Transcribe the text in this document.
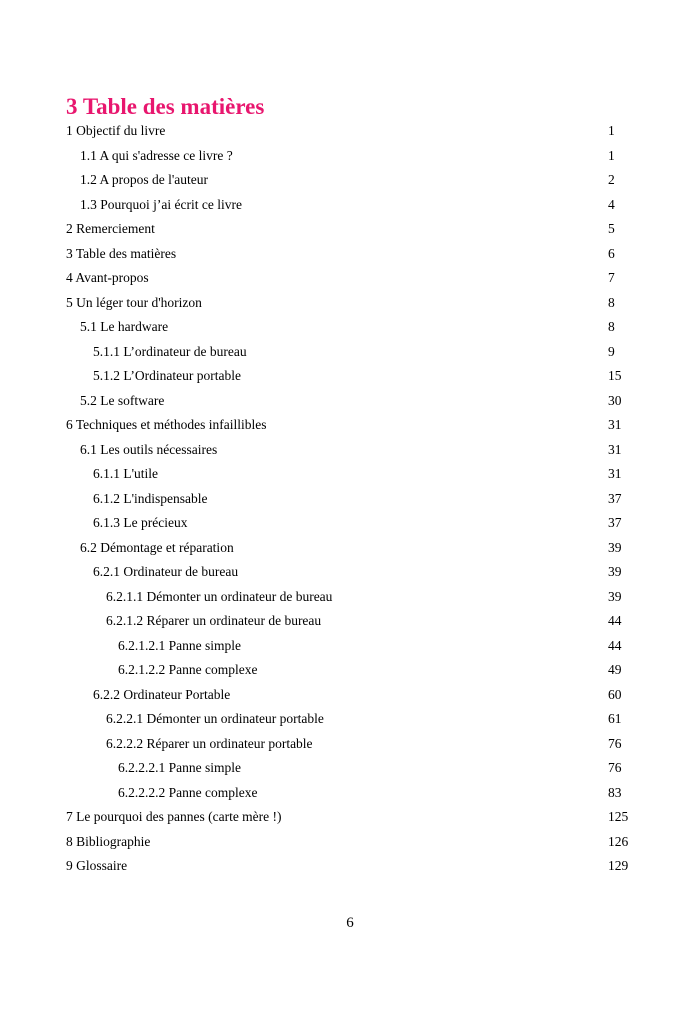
3 Table des matières
1 Objectif du livre	1
1.1 A qui s'adresse ce livre ?	1
1.2 A propos de l'auteur	2
1.3 Pourquoi j’ai écrit ce livre	4
2 Remerciement	5
3 Table des matières	6
4 Avant-propos	7
5 Un léger tour d'horizon	8
5.1 Le hardware	8
5.1.1 L’ordinateur de bureau	9
5.1.2 L’Ordinateur portable	15
5.2 Le software	30
6 Techniques et méthodes infaillibles	31
6.1 Les outils nécessaires	31
6.1.1 L'utile	31
6.1.2 L'indispensable	37
6.1.3 Le précieux	37
6.2 Démontage et réparation	39
6.2.1 Ordinateur de bureau	39
6.2.1.1 Démonter un ordinateur de bureau	39
6.2.1.2 Réparer un ordinateur de bureau	44
6.2.1.2.1 Panne simple	44
6.2.1.2.2 Panne complexe	49
6.2.2 Ordinateur Portable	60
6.2.2.1 Démonter un ordinateur portable	61
6.2.2.2 Réparer un ordinateur portable	76
6.2.2.2.1 Panne simple	76
6.2.2.2.2 Panne complexe	83
7 Le pourquoi des pannes (carte mère !)	125
8 Bibliographie	126
9 Glossaire	129
6
